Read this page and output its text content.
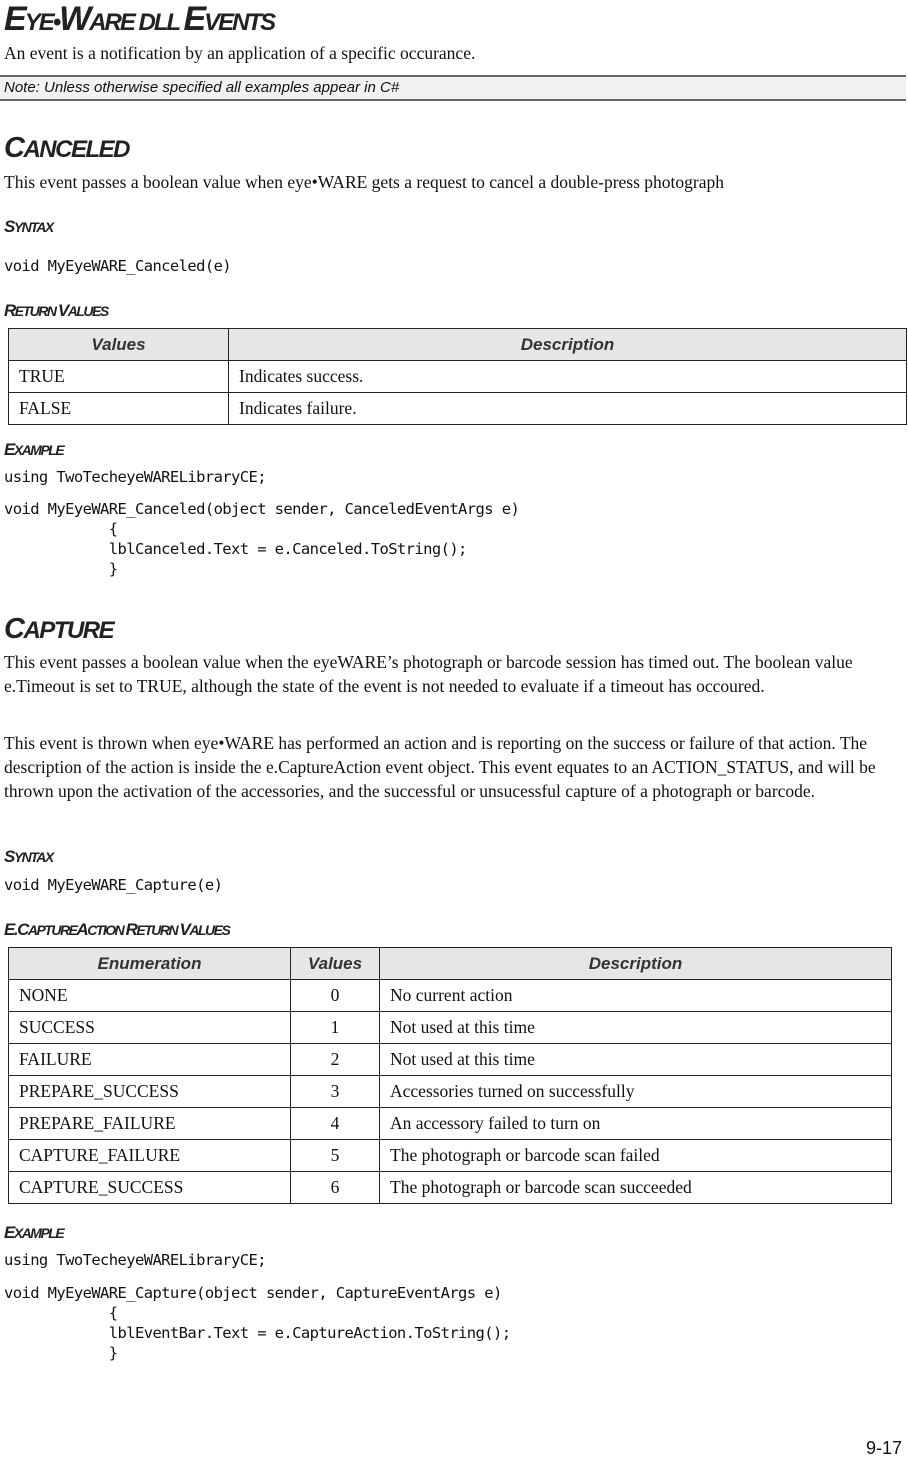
EYE•WARE DLL EVENTS
An event is a notification by an application of a specific occurance.
Note: Unless otherwise specified all examples appear in C#
CANCELED
This event passes a boolean value when eye•WARE gets a request to cancel a double-press photograph
SYNTAX
void MyEyeWARE_Canceled(e)
RETURN VALUES
Values	Description
TRUE	Indicates success.
FALSE	Indicates failure.
EXAMPLE
using TwoTecheyeWARELibraryCE;
void MyEyeWARE_Canceled(object sender, CanceledEventArgs e)
{
lblCanceled.Text = e.Canceled.ToString();
}
CAPTURE
This event passes a boolean value when the eyeWARE’s photograph or barcode session has timed out. The boolean value e.Timeout is set to TRUE, although the state of the event is not needed to evaluate if a timeout has occoured.
This event is thrown when eye•WARE has performed an action and is reporting on the success or failure of that action. The description of the action is inside the e.CaptureAction event object. This event equates to an ACTION_STATUS, and will be thrown upon the activation of the accessories, and the successful or unsucessful capture of a photograph or barcode.
SYNTAX
void MyEyeWARE_Capture(e)
E.CAPTUREACTION RETURN VALUES
Enumeration	Values	Description
NONE	0	No current action
SUCCESS	1	Not used at this time
FAILURE	2	Not used at this time
PREPARE_SUCCESS	3	Accessories turned on successfully
PREPARE_FAILURE	4	An accessory failed to turn on
CAPTURE_FAILURE	5	The photograph or barcode scan failed
CAPTURE_SUCCESS	6	The photograph or barcode scan succeeded
EXAMPLE
using TwoTecheyeWARELibraryCE;
void MyEyeWARE_Capture(object sender, CaptureEventArgs e)
{
lblEventBar.Text = e.CaptureAction.ToString();
}
9-17
